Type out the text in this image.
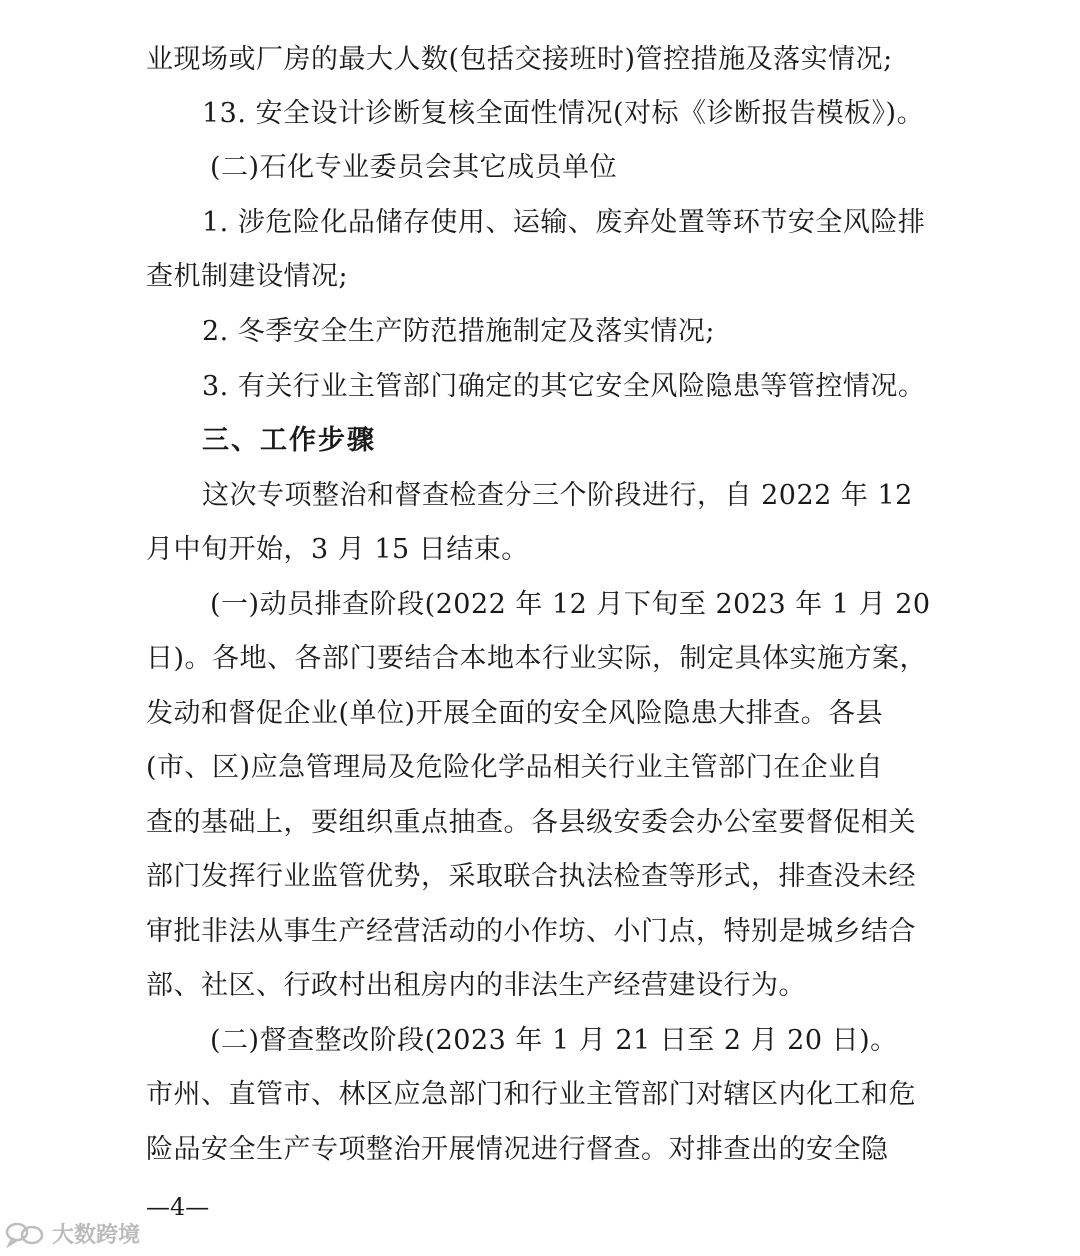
业现场或厂房的最大人数(包括交接班时)管控措施及落实情况;
13. 安全设计诊断复核全面性情况(对标《诊断报告模板》)。
(二)石化专业委员会其它成员单位
1. 涉危险化品储存使用、运输、废弃处置等环节安全风险排
查机制建设情况;
2. 冬季安全生产防范措施制定及落实情况;
3. 有关行业主管部门确定的其它安全风险隐患等管控情况。
三、工作步骤
这次专项整治和督查检查分三个阶段进行，自 2022 年 12
月中旬开始，3 月 15 日结束。
(一)动员排查阶段(2022 年 12 月下旬至 2023 年 1 月 20
日)。各地、各部门要结合本地本行业实际，制定具体实施方案，
发动和督促企业(单位)开展全面的安全风险隐患大排查。各县
(市、区)应急管理局及危险化学品相关行业主管部门在企业自
查的基础上，要组织重点抽查。各县级安委会办公室要督促相关
部门发挥行业监管优势，采取联合执法检查等形式，排查没未经
审批非法从事生产经营活动的小作坊、小门点，特别是城乡结合
部、社区、行政村出租房内的非法生产经营建设行为。
(二)督查整改阶段(2023 年 1 月 21 日至 2 月 20 日)。
市州、直管市、林区应急部门和行业主管部门对辖区内化工和危
险品安全生产专项整治开展情况进行督查。对排查出的安全隐
—4—
大数跨境
